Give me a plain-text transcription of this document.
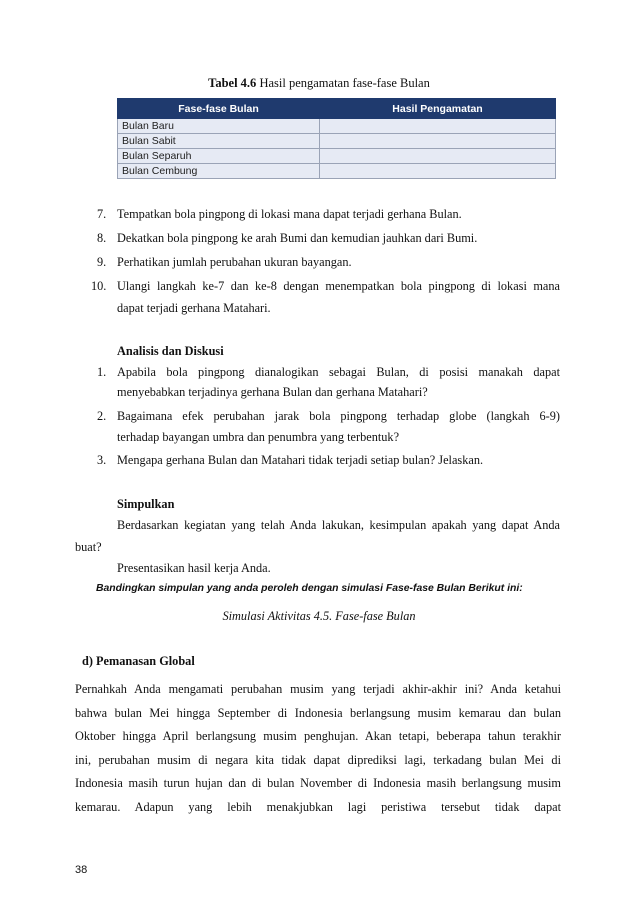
Tabel 4.6 Hasil pengamatan fase-fase Bulan
Fase-fase Bulan	Hasil Pengamatan
Bulan Baru	
Bulan Sabit	
Bulan Separuh	
Bulan Cembung	
7. Tempatkan bola pingpong di lokasi mana dapat terjadi gerhana Bulan.
8. Dekatkan bola pingpong ke arah Bumi dan kemudian jauhkan dari Bumi.
9. Perhatikan jumlah perubahan ukuran bayangan.
10. Ulangi langkah ke-7 dan ke-8 dengan menempatkan bola pingpong di lokasi mana
dapat terjadi gerhana Matahari.
Analisis dan Diskusi
1. Apabila bola pingpong dianalogikan sebagai Bulan, di posisi manakah dapat
menyebabkan terjadinya gerhana Bulan dan gerhana Matahari?
2. Bagaimana efek perubahan jarak bola pingpong terhadap globe (langkah 6-9)
terhadap bayangan umbra dan penumbra yang terbentuk?
3. Mengapa gerhana Bulan dan Matahari tidak terjadi setiap bulan? Jelaskan.
Simpulkan
Berdasarkan kegiatan yang telah Anda lakukan, kesimpulan apakah yang dapat Anda
buat?
Presentasikan hasil kerja Anda.
Bandingkan simpulan yang anda peroleh dengan simulasi Fase-fase Bulan Berikut ini:
Simulasi Aktivitas 4.5. Fase-fase Bulan
d) Pemanasan Global
Pernahkah Anda mengamati perubahan musim yang terjadi akhir-akhir ini? Anda ketahui
bahwa bulan Mei hingga September di Indonesia berlangsung musim kemarau dan bulan
Oktober hingga April berlangsung musim penghujan. Akan tetapi, beberapa tahun terakhir
ini, perubahan musim di negara kita tidak dapat diprediksi lagi, terkadang bulan Mei di
Indonesia masih turun hujan dan di bulan November di Indonesia masih berlangsung musim
kemarau. Adapun yang lebih menakjubkan lagi peristiwa tersebut tidak dapat
38
